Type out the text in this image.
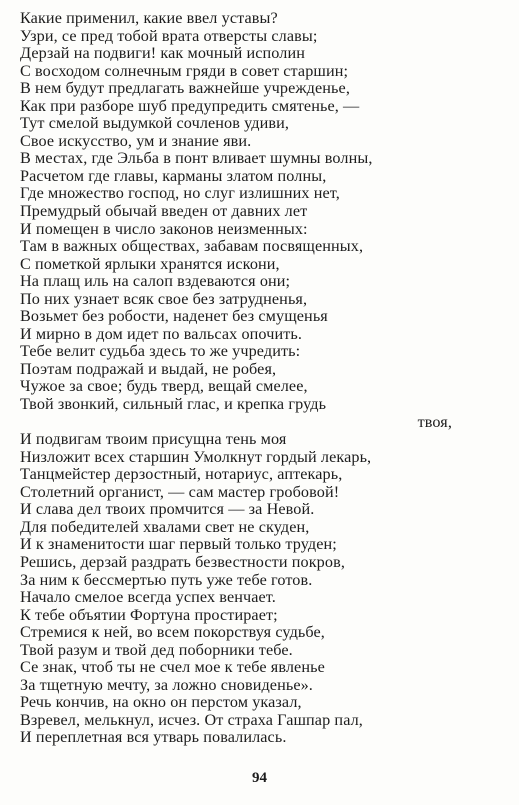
Какие применил, какие ввел уставы?
Узри, се пред тобой врата отверсты славы;
Дерзай на подвиги! как мочный исполин
С восходом солнечным гряди в совет старшин;
В нем будут предлагать важнейше учрежденье,
Как при разборе шуб предупредить смятенье, —
Тут смелой выдумкой сочленов удиви,
Свое искусство, ум и знание яви.
В местах, где Эльба в понт вливает шумны волны,
Расчетом где главы, карманы златом полны,
Где множество господ, но слуг излишних нет,
Премудрый обычай введен от давних лет
И помещен в число законов неизменных:
Там в важных обществах, забавам посвященных,
С пометкой ярлыки хранятся искони,
На плащ иль на салоп вздеваются они;
По них узнает всяк свое без затрудненья,
Возьмет без робости, наденет без смущенья
И мирно в дом идет по вальсах опочить.
Тебе велит судьба здесь то же учредить:
Поэтам подражай и выдай, не робея,
Чужое за свое; будь тверд, вещай смелее,
Твой звонкий, сильный глас, и крепка грудь
твоя,
И подвигам твоим присущна тень моя
Низложит всех старшин Умолкнут гордый лекарь,
Танцмейстер дерзостный, нотариус, аптекарь,
Столетний органист, — сам мастер гробовой!
И слава дел твоих промчится — за Невой.
Для победителей хвалами свет не скуден,
И к знаменитости шаг первый только труден;
Решись, дерзай раздрать безвестности покров,
За ним к бессмертью путь уже тебе готов.
Начало смелое всегда успех венчает.
К тебе объятии Фортуна простирает;
Стремися к ней, во всем покорствуя судьбе,
Твой разум и твой дед поборники тебе.
Се знак, чтоб ты не счел мое к тебе явленье
За тщетную мечту, за ложно сновиденье».
Речь кончив, на окно он перстом указал,
Взревел, мелькнул, исчез. От страха Гашпар пал,
И переплетная вся утварь повалилась.
94
